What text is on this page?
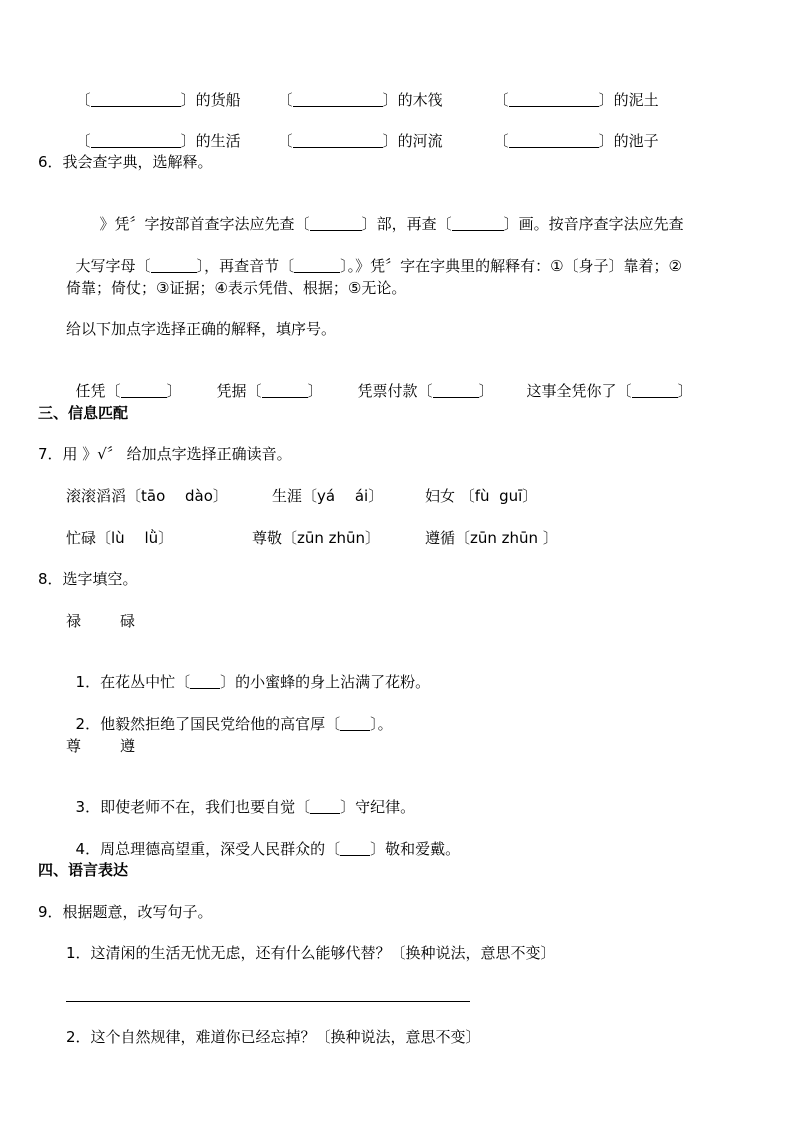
〔	〕的货船	〔	〕的木筏	〔	〕的泥土

〔	〕的生活	〔	〕的河流	〔	〕的池子

6．我会查字典，选解释。

》凭〞字按部首查字法应先查〔	〕部，再查〔	〕画。按音序查字法应先查

大写字母〔	〕，再查音节〔	〕。》凭〞字在字典里的解释有：①〔身子〕靠着；②

倚靠；倚仗；③证据；④表示凭借、根据；⑤无论。
给以下加点字选择正确的解释，填序号。

任凭〔	〕	凭据〔	〕	凭票付款〔	〕	这事全凭你了〔	〕

三、信息匹配
7．用 》√〞 给加点字选择正确读音。
滚滚滔滔〔tāo　 dào〕	生涯〔yá　 ái〕	妇女 〔fù  guī〕
忙碌〔lù　 lǜ〕	尊敬〔zūn zhūn〕	遵循〔zūn zhūn 〕
8．选字填空。
禄	碌

1．在花丛中忙〔 〕的小蜜蜂的身上沾满了花粉。

2．他毅然拒绝了国民党给他的高官厚〔 〕。

尊	遵

3．即使老师不在，我们也要自觉〔 〕守纪律。

4．周总理德高望重，深受人民群众的〔 〕敬和爱戴。

四、语言表达
9．根据题意，改写句子。
1．这清闲的生活无忧无虑，还有什么能够代替？〔换种说法，意思不变〕
2．这个自然规律，难道你已经忘掉？〔换种说法，意思不变〕
